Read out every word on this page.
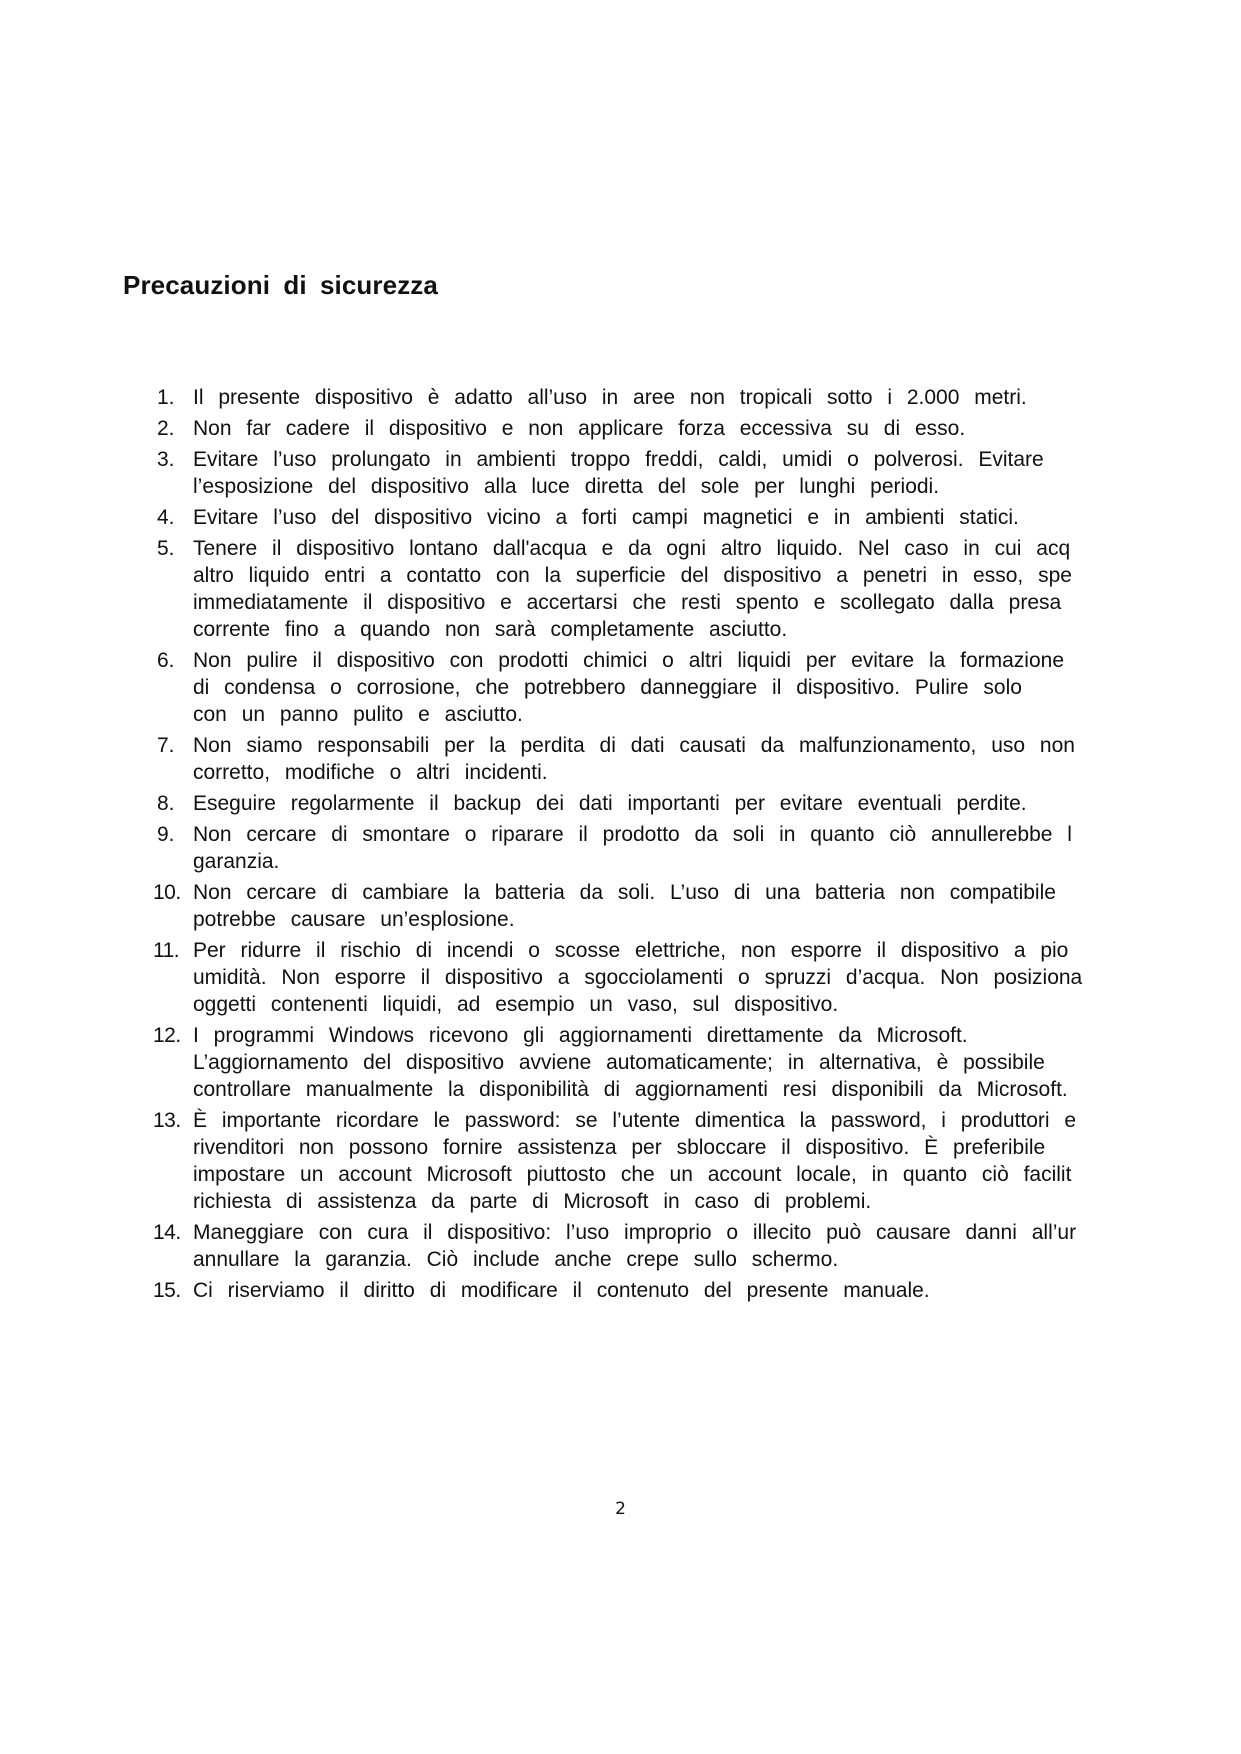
Precauzioni di sicurezza
1. Il presente dispositivo è adatto all’uso in aree non tropicali sotto i 2.000 metri.
2. Non far cadere il dispositivo e non applicare forza eccessiva su di esso.
3. Evitare l’uso prolungato in ambienti troppo freddi, caldi, umidi o polverosi. Evitare
l’esposizione del dispositivo alla luce diretta del sole per lunghi periodi.
4. Evitare l’uso del dispositivo vicino a forti campi magnetici e in ambienti statici.
5. Tenere il dispositivo lontano dall'acqua e da ogni altro liquido. Nel caso in cui acq
altro liquido entri a contatto con la superficie del dispositivo a penetri in esso, spe
immediatamente il dispositivo e accertarsi che resti spento e scollegato dalla presa
corrente fino a quando non sarà completamente asciutto.
6. Non pulire il dispositivo con prodotti chimici o altri liquidi per evitare la formazione
di condensa o corrosione, che potrebbero danneggiare il dispositivo. Pulire solo
con un panno pulito e asciutto.
7. Non siamo responsabili per la perdita di dati causati da malfunzionamento, uso non
corretto, modifiche o altri incidenti.
8. Eseguire regolarmente il backup dei dati importanti per evitare eventuali perdite.
9. Non cercare di smontare o riparare il prodotto da soli in quanto ciò annullerebbe l
garanzia.
10. Non cercare di cambiare la batteria da soli. L’uso di una batteria non compatibile
potrebbe causare un’esplosione.
11. Per ridurre il rischio di incendi o scosse elettriche, non esporre il dispositivo a pio
umidità. Non esporre il dispositivo a sgocciolamenti o spruzzi d’acqua. Non posiziona
oggetti contenenti liquidi, ad esempio un vaso, sul dispositivo.
12. I programmi Windows ricevono gli aggiornamenti direttamente da Microsoft.
L’aggiornamento del dispositivo avviene automaticamente; in alternativa, è possibile
controllare manualmente la disponibilità di aggiornamenti resi disponibili da Microsoft.
13. È importante ricordare le password: se l’utente dimentica la password, i produttori e
rivenditori non possono fornire assistenza per sbloccare il dispositivo. È preferibile
impostare un account Microsoft piuttosto che un account locale, in quanto ciò facilit
richiesta di assistenza da parte di Microsoft in caso di problemi.
14. Maneggiare con cura il dispositivo: l’uso improprio o illecito può causare danni all’ur
annullare la garanzia. Ciò include anche crepe sullo schermo.
15. Ci riserviamo il diritto di modificare il contenuto del presente manuale.
2
